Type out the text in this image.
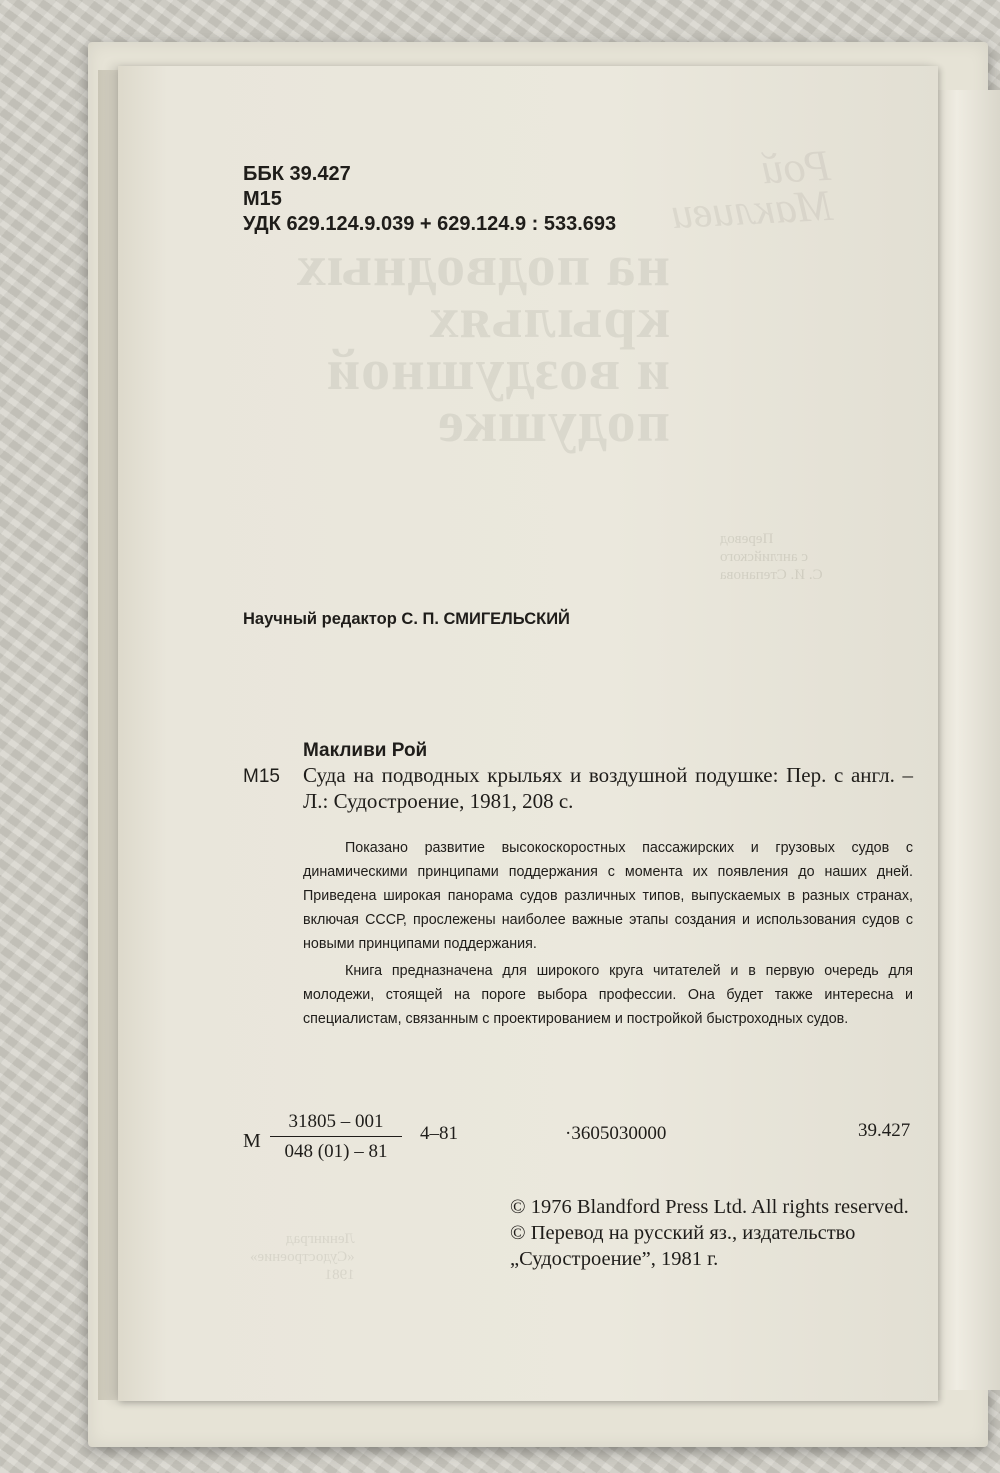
Рой
Макливи
на подводных
крыльях
и воздушной
подушке
Перевод
с английского
С. И. Степанова
Ленинград
«Судостроение»
1981
ББК 39.427
М15
УДК 629.124.9.039 + 629.124.9 : 533.693
Научный редактор С. П. СМИГЕЛЬСКИЙ
Макливи Рой
М15 Суда на подводных крыльях и воздушной подушке: Пер. с англ. – Л.: Судостроение, 1981, 208 с.

Показано развитие высокоскоростных пассажирских и грузовых судов с динамическими принципами поддержания с момента их появления до наших дней. Приведена широкая панорама судов различных типов, выпускаемых в разных странах, включая СССР, прослежены наиболее важные этапы создания и использования судов с новыми принципами поддержания.

Книга предназначена для широкого круга читателей и в первую очередь для молодежи, стоящей на пороге выбора профессии. Она будет также интересна и специалистам, связанным с проектированием и постройкой быстроходных судов.

М
31805 – 001
048 (01) – 81
4–81	·3605030000	39.427

© 1976 Blandford Press Ltd. All rights reserved.

© Перевод на русский яз., издательство „Судостроение”, 1981 г.
